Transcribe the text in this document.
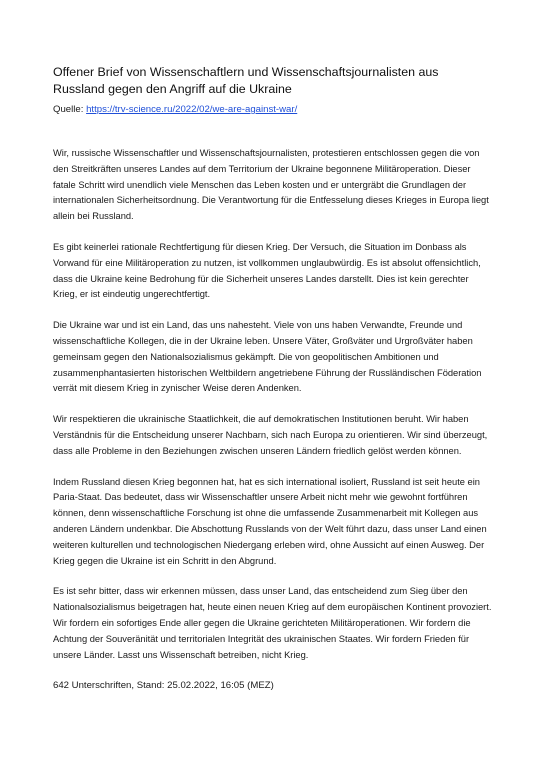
Offener Brief von Wissenschaftlern und Wissenschaftsjournalisten aus Russland gegen den Angriff auf die Ukraine

Quelle: https://trv-science.ru/2022/02/we-are-against-war/

Wir, russische Wissenschaftler und Wissenschaftsjournalisten, protestieren entschlossen gegen die von den Streitkräften unseres Landes auf dem Territorium der Ukraine begonnene Militäroperation. Dieser fatale Schritt wird unendlich viele Menschen das Leben kosten und er untergräbt die Grundlagen der internationalen Sicherheitsordnung. Die Verantwortung für die Entfesselung dieses Krieges in Europa liegt allein bei Russland.

Es gibt keinerlei rationale Rechtfertigung für diesen Krieg. Der Versuch, die Situation im Donbass als Vorwand für eine Militäroperation zu nutzen, ist vollkommen unglaubwürdig. Es ist absolut offensichtlich, dass die Ukraine keine Bedrohung für die Sicherheit unseres Landes darstellt. Dies ist kein gerechter Krieg, er ist eindeutig ungerechtfertigt.

Die Ukraine war und ist ein Land, das uns nahesteht. Viele von uns haben Verwandte, Freunde und wissenschaftliche Kollegen, die in der Ukraine leben. Unsere Väter, Großväter und Urgroßväter haben gemeinsam gegen den Nationalsozialismus gekämpft. Die von geopolitischen Ambitionen und zusammenphantasierten historischen Weltbildern angetriebene Führung der Russländischen Föderation verrät mit diesem Krieg in zynischer Weise deren Andenken.

Wir respektieren die ukrainische Staatlichkeit, die auf demokratischen Institutionen beruht. Wir haben Verständnis für die Entscheidung unserer Nachbarn, sich nach Europa zu orientieren. Wir sind überzeugt, dass alle Probleme in den Beziehungen zwischen unseren Ländern friedlich gelöst werden können.

Indem Russland diesen Krieg begonnen hat, hat es sich international isoliert, Russland ist seit heute ein Paria-Staat. Das bedeutet, dass wir Wissenschaftler unsere Arbeit nicht mehr wie gewohnt fortführen können, denn wissenschaftliche Forschung ist ohne die umfassende Zusammenarbeit mit Kollegen aus anderen Ländern undenkbar. Die Abschottung Russlands von der Welt führt dazu, dass unser Land einen weiteren kulturellen und technologischen Niedergang erleben wird, ohne Aussicht auf einen Ausweg. Der Krieg gegen die Ukraine ist ein Schritt in den Abgrund.

Es ist sehr bitter, dass wir erkennen müssen, dass unser Land, das entscheidend zum Sieg über den Nationalsozialismus beigetragen hat, heute einen neuen Krieg auf dem europäischen Kontinent provoziert. Wir fordern ein sofortiges Ende aller gegen die Ukraine gerichteten Militäroperationen. Wir fordern die Achtung der Souveränität und territorialen Integrität des ukrainischen Staates. Wir fordern Frieden für unsere Länder. Lasst uns Wissenschaft betreiben, nicht Krieg.

642 Unterschriften, Stand: 25.02.2022, 16:05 (MEZ)
